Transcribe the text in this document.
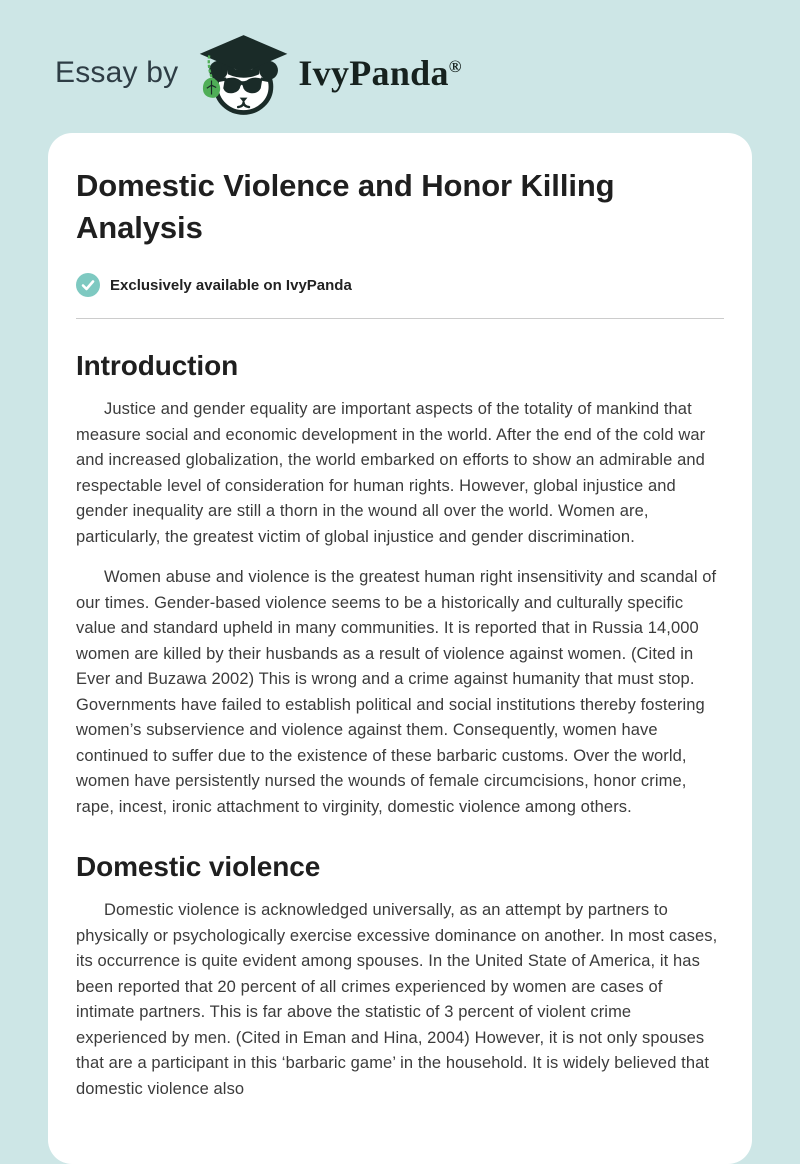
Essay by	IvyPanda®
Domestic Violence and Honor Killing Analysis
Exclusively available on IvyPanda
Introduction

Justice and gender equality are important aspects of the totality of mankind that measure social and economic development in the world. After the end of the cold war and increased globalization, the world embarked on efforts to show an admirable and respectable level of consideration for human rights. However, global injustice and gender inequality are still a thorn in the wound all over the world. Women are, particularly, the greatest victim of global injustice and gender discrimination.

Women abuse and violence is the greatest human right insensitivity and scandal of our times. Gender-based violence seems to be a historically and culturally specific value and standard upheld in many communities. It is reported that in Russia 14,000 women are killed by their husbands as a result of violence against women. (Cited in Ever and Buzawa 2002) This is wrong and a crime against humanity that must stop. Governments have failed to establish political and social institutions thereby fostering women’s subservience and violence against them. Consequently, women have continued to suffer due to the existence of these barbaric customs. Over the world, women have persistently nursed the wounds of female circumcisions, honor crime, rape, incest, ironic attachment to virginity, domestic violence among others.

Domestic violence

Domestic violence is acknowledged universally, as an attempt by partners to physically or psychologically exercise excessive dominance on another. In most cases, its occurrence is quite evident among spouses. In the United State of America, it has been reported that 20 percent of all crimes experienced by women are cases of intimate partners. This is far above the statistic of 3 percent of violent crime experienced by men. (Cited in Eman and Hina, 2004) However, it is not only spouses that are a participant in this ‘barbaric game’ in the household. It is widely believed that domestic violence also
